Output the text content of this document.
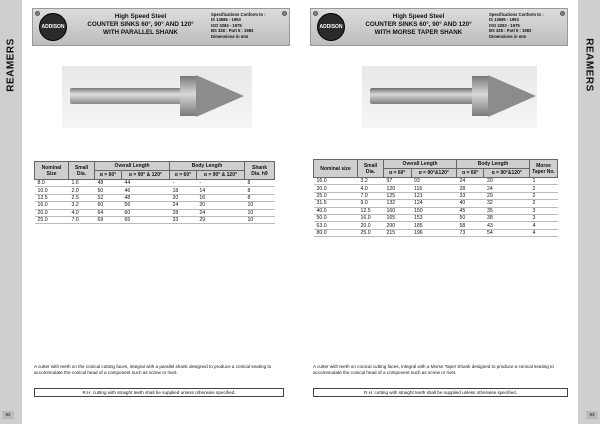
REAMERS
ADDISON
High Speed Steel
COUNTER SINKS 60°, 90° AND 120°
WITH PARALLEL SHANK
Specifications Conform to :
IS 13686 - 1993
ISO 3294 - 1975
BS 328 : Part 5 : 1983
Dimensions in mm
Nominal Size	Small Dia.	Overall Length		Body Length		Shank Dia. h9
		α = 60°	α = 90° & 120°	α = 60°	α = 90° & 120°	
8.0	1.6	48	44	-	-	8
10.0	2.0	50	46	18	14	8
12.5	2.5	52	48	20	16	8
16.0	3.2	60	56	24	20	10
20.0	4.0	64	60	28	24	10
25.0	7.0	69	65	33	29	10
A cutter with teeth on the conical cutting faces, integral with a parallel shank designed to produce a conical seating to accommodate the conical head of a component such as screw or rivet.
R.H. cutting with straight teeth shall be supplied unless otherwise specified.
92
REAMERS
ADDISON
High Speed Steel
COUNTER SINKS 60°, 90° AND 120°
WITH MORSE TAPER SHANK
Specifications Conform to :
IS 13685 - 1993
ISO 3293 - 1975
BS 328 : Part 5 : 1983
Dimensions in mm
Nominal size	Small Dia.	Overall Length		Body Length		Morse Taper No.
		α = 60°	α = 90°&120°	α = 60°	α = 90°&120°	
16.0	3.2	97	93	24	20	1
20.0	4.0	120	116	28	24	2
25.0	7.0	125	121	33	29	2
31.5	9.0	132	124	40	32	2
40.0	12.5	160	150	45	35	3
50.0	16.0	165	153	50	38	3
63.0	20.0	200	185	58	43	4
80.0	25.0	215	196	73	54	4
A cutter with teeth on conical cutting faces, integral with a Morse Taper Shank designed to produce a conical seating to accommodate the conical head of a component such as screw or rivet.
R.H. cutting with straight teeth shall be supplied unless otherwise specified.
93
